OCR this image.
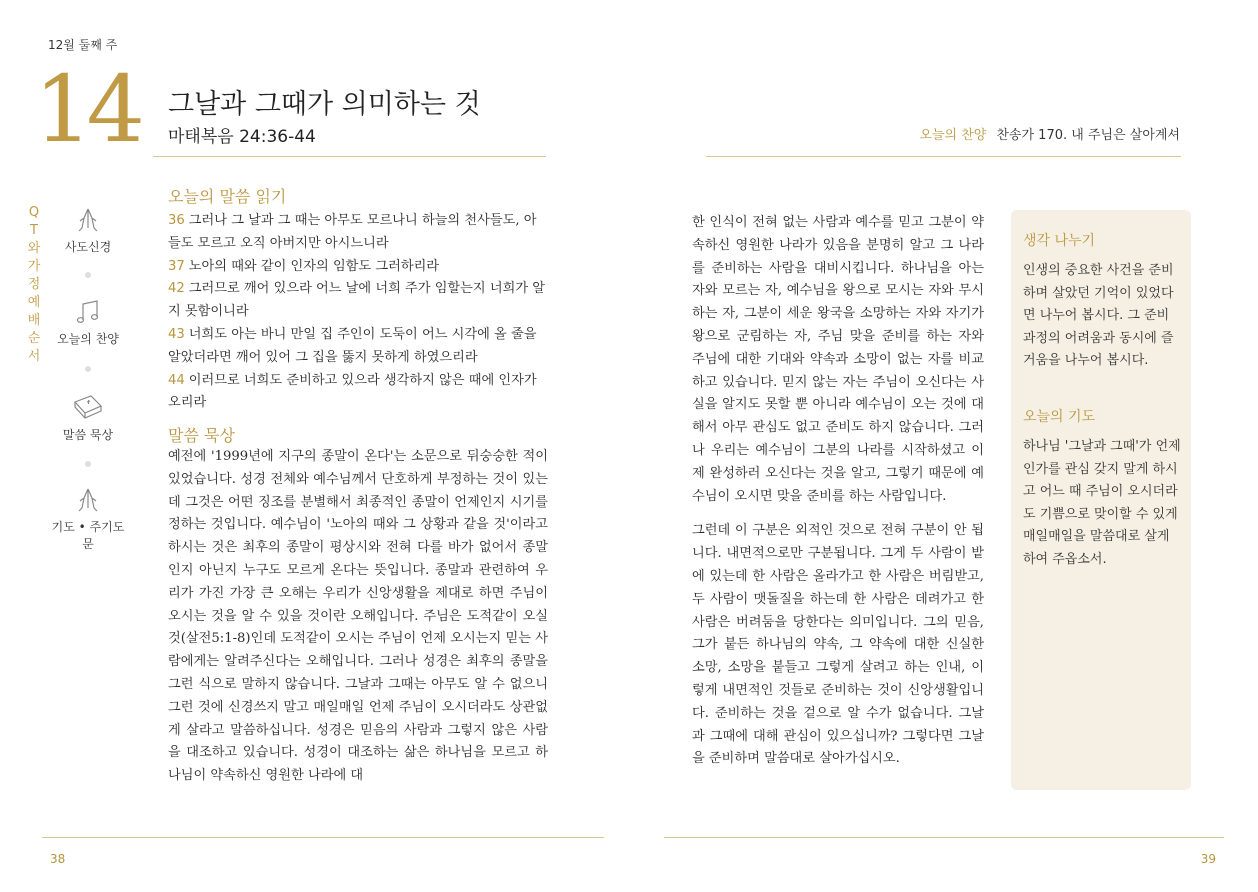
12월 둘째 주
14 그날과 그때가 의미하는 것
마태복음 24:36-44	오늘의 찬양 찬송가 170. 내 주님은 살아계셔
QT와 가정예배 순서
사도신경
오늘의 찬양
말씀 묵상
기도 • 주기도문
오늘의 말씀 읽기
36 그러나 그 날과 그 때는 아무도 모르나니 하늘의 천사들도, 아들도 모르고 오직 아버지만 아시느니라
37 노아의 때와 같이 인자의 임함도 그러하리라
42 그러므로 깨어 있으라 어느 날에 너희 주가 임할는지 너희가 알지 못함이니라
43 너희도 아는 바니 만일 집 주인이 도둑이 어느 시각에 올 줄을 알았더라면 깨어 있어 그 집을 뚫지 못하게 하였으리라
44 이러므로 너희도 준비하고 있으라 생각하지 않은 때에 인자가 오리라
말씀 묵상

예전에 '1999년에 지구의 종말이 온다'는 소문으로 뒤숭숭한 적이 있었습니다. 성경 전체와 예수님께서 단호하게 부정하는 것이 있는데 그것은 어떤 징조를 분별해서 최종적인 종말이 언제인지 시기를 정하는 것입니다. 예수님이 '노아의 때와 그 상황과 같을 것'이라고 하시는 것은 최후의 종말이 평상시와 전혀 다를 바가 없어서 종말인지 아닌지 누구도 모르게 온다는 뜻입니다. 종말과 관련하여 우리가 가진 가장 큰 오해는 우리가 신앙생활을 제대로 하면 주님이 오시는 것을 알 수 있을 것이란 오해입니다. 주님은 도적같이 오실 것(살전5:1-8)인데 도적같이 오시는 주님이 언제 오시는지 믿는 사람에게는 알려주신다는 오해입니다. 그러나 성경은 최후의 종말을 그런 식으로 말하지 않습니다. 그날과 그때는 아무도 알 수 없으니 그런 것에 신경쓰지 말고 매일매일 언제 주님이 오시더라도 상관없게 살라고 말씀하십니다. 성경은 믿음의 사람과 그렇지 않은 사람을 대조하고 있습니다. 성경이 대조하는 삶은 하나님을 모르고 하나님이 약속하신 영원한 나라에 대

한 인식이 전혀 없는 사람과 예수를 믿고 그분이 약속하신 영원한 나라가 있음을 분명히 알고 그 나라를 준비하는 사람을 대비시킵니다. 하나님을 아는 자와 모르는 자, 예수님을 왕으로 모시는 자와 무시하는 자, 그분이 세운 왕국을 소망하는 자와 자기가 왕으로 군림하는 자, 주님 맞을 준비를 하는 자와 주님에 대한 기대와 약속과 소망이 없는 자를 비교하고 있습니다. 믿지 않는 자는 주님이 오신다는 사실을 알지도 못할 뿐 아니라 예수님이 오는 것에 대해서 아무 관심도 없고 준비도 하지 않습니다. 그러나 우리는 예수님이 그분의 나라를 시작하셨고 이제 완성하러 오신다는 것을 알고, 그렇기 때문에 예수님이 오시면 맞을 준비를 하는 사람입니다.

그런데 이 구분은 외적인 것으로 전혀 구분이 안 됩니다. 내면적으로만 구분됩니다. 그게 두 사람이 밭에 있는데 한 사람은 올라가고 한 사람은 버림받고, 두 사람이 맷돌질을 하는데 한 사람은 데려가고 한 사람은 버려둠을 당한다는 의미입니다. 그의 믿음, 그가 붙든 하나님의 약속, 그 약속에 대한 신실한 소망, 소망을 붙들고 그렇게 살려고 하는 인내, 이렇게 내면적인 것들로 준비하는 것이 신앙생활입니다. 준비하는 것을 겉으로 알 수가 없습니다. 그날과 그때에 대해 관심이 있으십니까? 그렇다면 그날을 준비하며 말씀대로 살아가십시오.

생각 나누기
인생의 중요한 사건을 준비하며 살았던 기억이 있었다면 나누어 봅시다. 그 준비과정의 어려움과 동시에 즐거움을 나누어 봅시다.
오늘의 기도
하나님 '그날과 그때'가 언제인가를 관심 갖지 말게 하시고 어느 때 주님이 오시더라도 기쁨으로 맞이할 수 있게 매일매일을 말씀대로 살게 하여 주옵소서.
38	39
